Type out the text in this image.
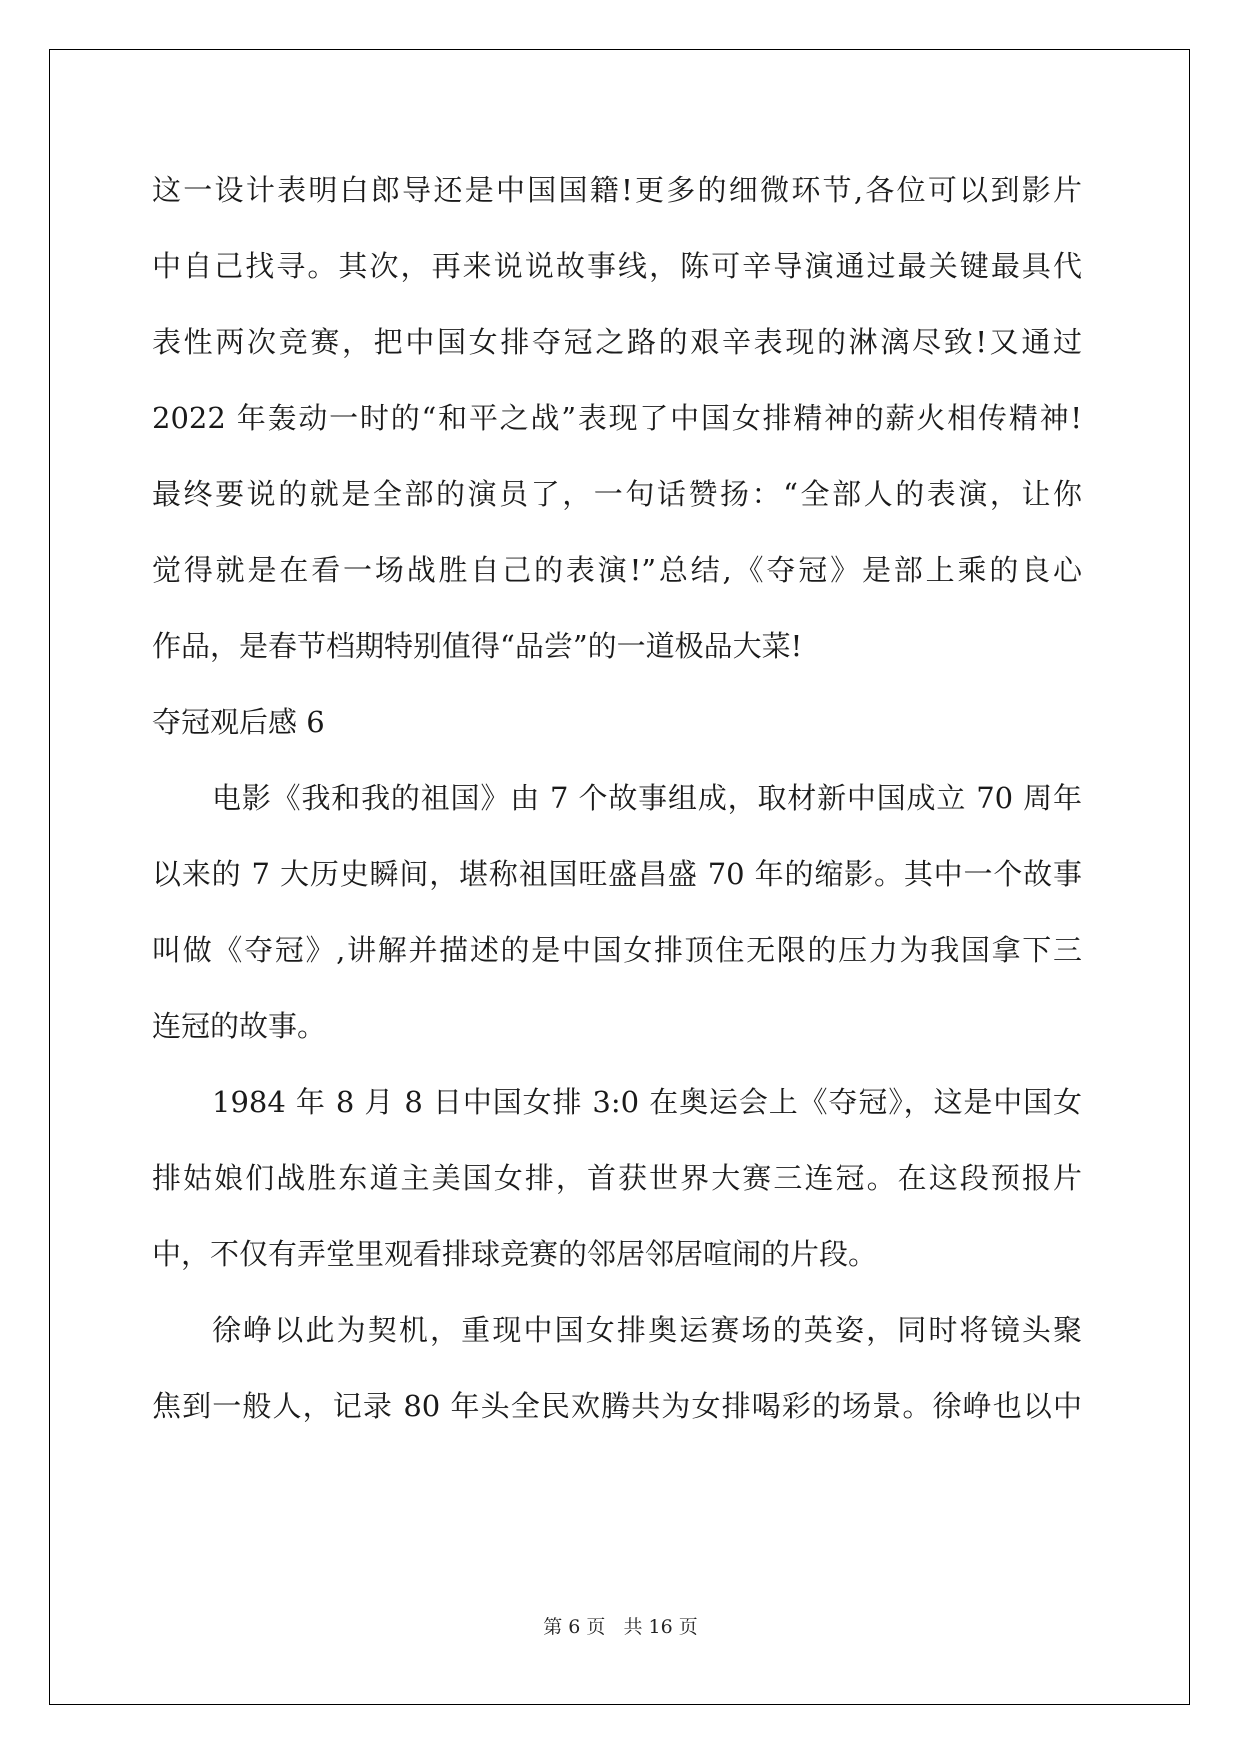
这一设计表明白郎导还是中国国籍!更多的细微环节,各位可以到影片
中自己找寻。其次，再来说说故事线，陈可辛导演通过最关键最具代
表性两次竞赛，把中国女排夺冠之路的艰辛表现的淋漓尽致!又通过
2022 年轰动一时的“和平之战”表现了中国女排精神的薪火相传精神!
最终要说的就是全部的演员了，一句话赞扬：“全部人的表演，让你
觉得就是在看一场战胜自己的表演!”总结,《夺冠》是部上乘的良心
作品，是春节档期特别值得“品尝”的一道极品大菜!
夺冠观后感 6
电影《我和我的祖国》由 7 个故事组成，取材新中国成立 70 周年
以来的 7 大历史瞬间，堪称祖国旺盛昌盛 70 年的缩影。其中一个故事
叫做《夺冠》,讲解并描述的是中国女排顶住无限的压力为我国拿下三
连冠的故事。
1984 年 8 月 8 日中国女排 3:0 在奥运会上《夺冠》，这是中国女
排姑娘们战胜东道主美国女排，首获世界大赛三连冠。在这段预报片
中，不仅有弄堂里观看排球竞赛的邻居邻居喧闹的片段。
徐峥以此为契机，重现中国女排奥运赛场的英姿，同时将镜头聚
焦到一般人，记录 80 年头全民欢腾共为女排喝彩的场景。徐峥也以中
第 6 页 共 16 页
